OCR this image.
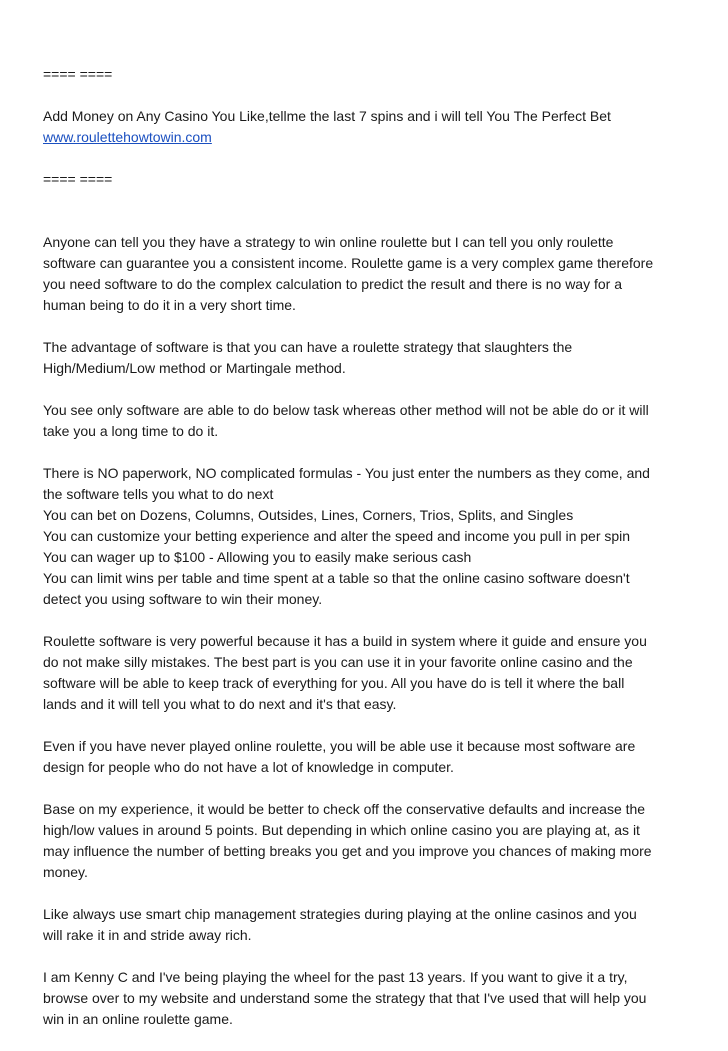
==== ====
Add Money on Any Casino You Like,tellme the last 7 spins and i will tell You The Perfect Bet
www.roulettehowtowin.com
==== ====
Anyone can tell you they have a strategy to win online roulette but I can tell you only roulette
software can guarantee you a consistent income. Roulette game is a very complex game therefore
you need software to do the complex calculation to predict the result and there is no way for a
human being to do it in a very short time.
The advantage of software is that you can have a roulette strategy that slaughters the
High/Medium/Low method or Martingale method.
You see only software are able to do below task whereas other method will not be able do or it will
take you a long time to do it.
There is NO paperwork, NO complicated formulas - You just enter the numbers as they come, and
the software tells you what to do next
You can bet on Dozens, Columns, Outsides, Lines, Corners, Trios, Splits, and Singles
You can customize your betting experience and alter the speed and income you pull in per spin
You can wager up to $100 - Allowing you to easily make serious cash
You can limit wins per table and time spent at a table so that the online casino software doesn't
detect you using software to win their money.
Roulette software is very powerful because it has a build in system where it guide and ensure you
do not make silly mistakes. The best part is you can use it in your favorite online casino and the
software will be able to keep track of everything for you. All you have do is tell it where the ball
lands and it will tell you what to do next and it's that easy.
Even if you have never played online roulette, you will be able use it because most software are
design for people who do not have a lot of knowledge in computer.
Base on my experience, it would be better to check off the conservative defaults and increase the
high/low values in around 5 points. But depending in which online casino you are playing at, as it
may influence the number of betting breaks you get and you improve you chances of making more
money.
Like always use smart chip management strategies during playing at the online casinos and you
will rake it in and stride away rich.
I am Kenny C and I've being playing the wheel for the past 13 years. If you want to give it a try,
browse over to my website and understand some the strategy that that I've used that will help you
win in an online roulette game.
